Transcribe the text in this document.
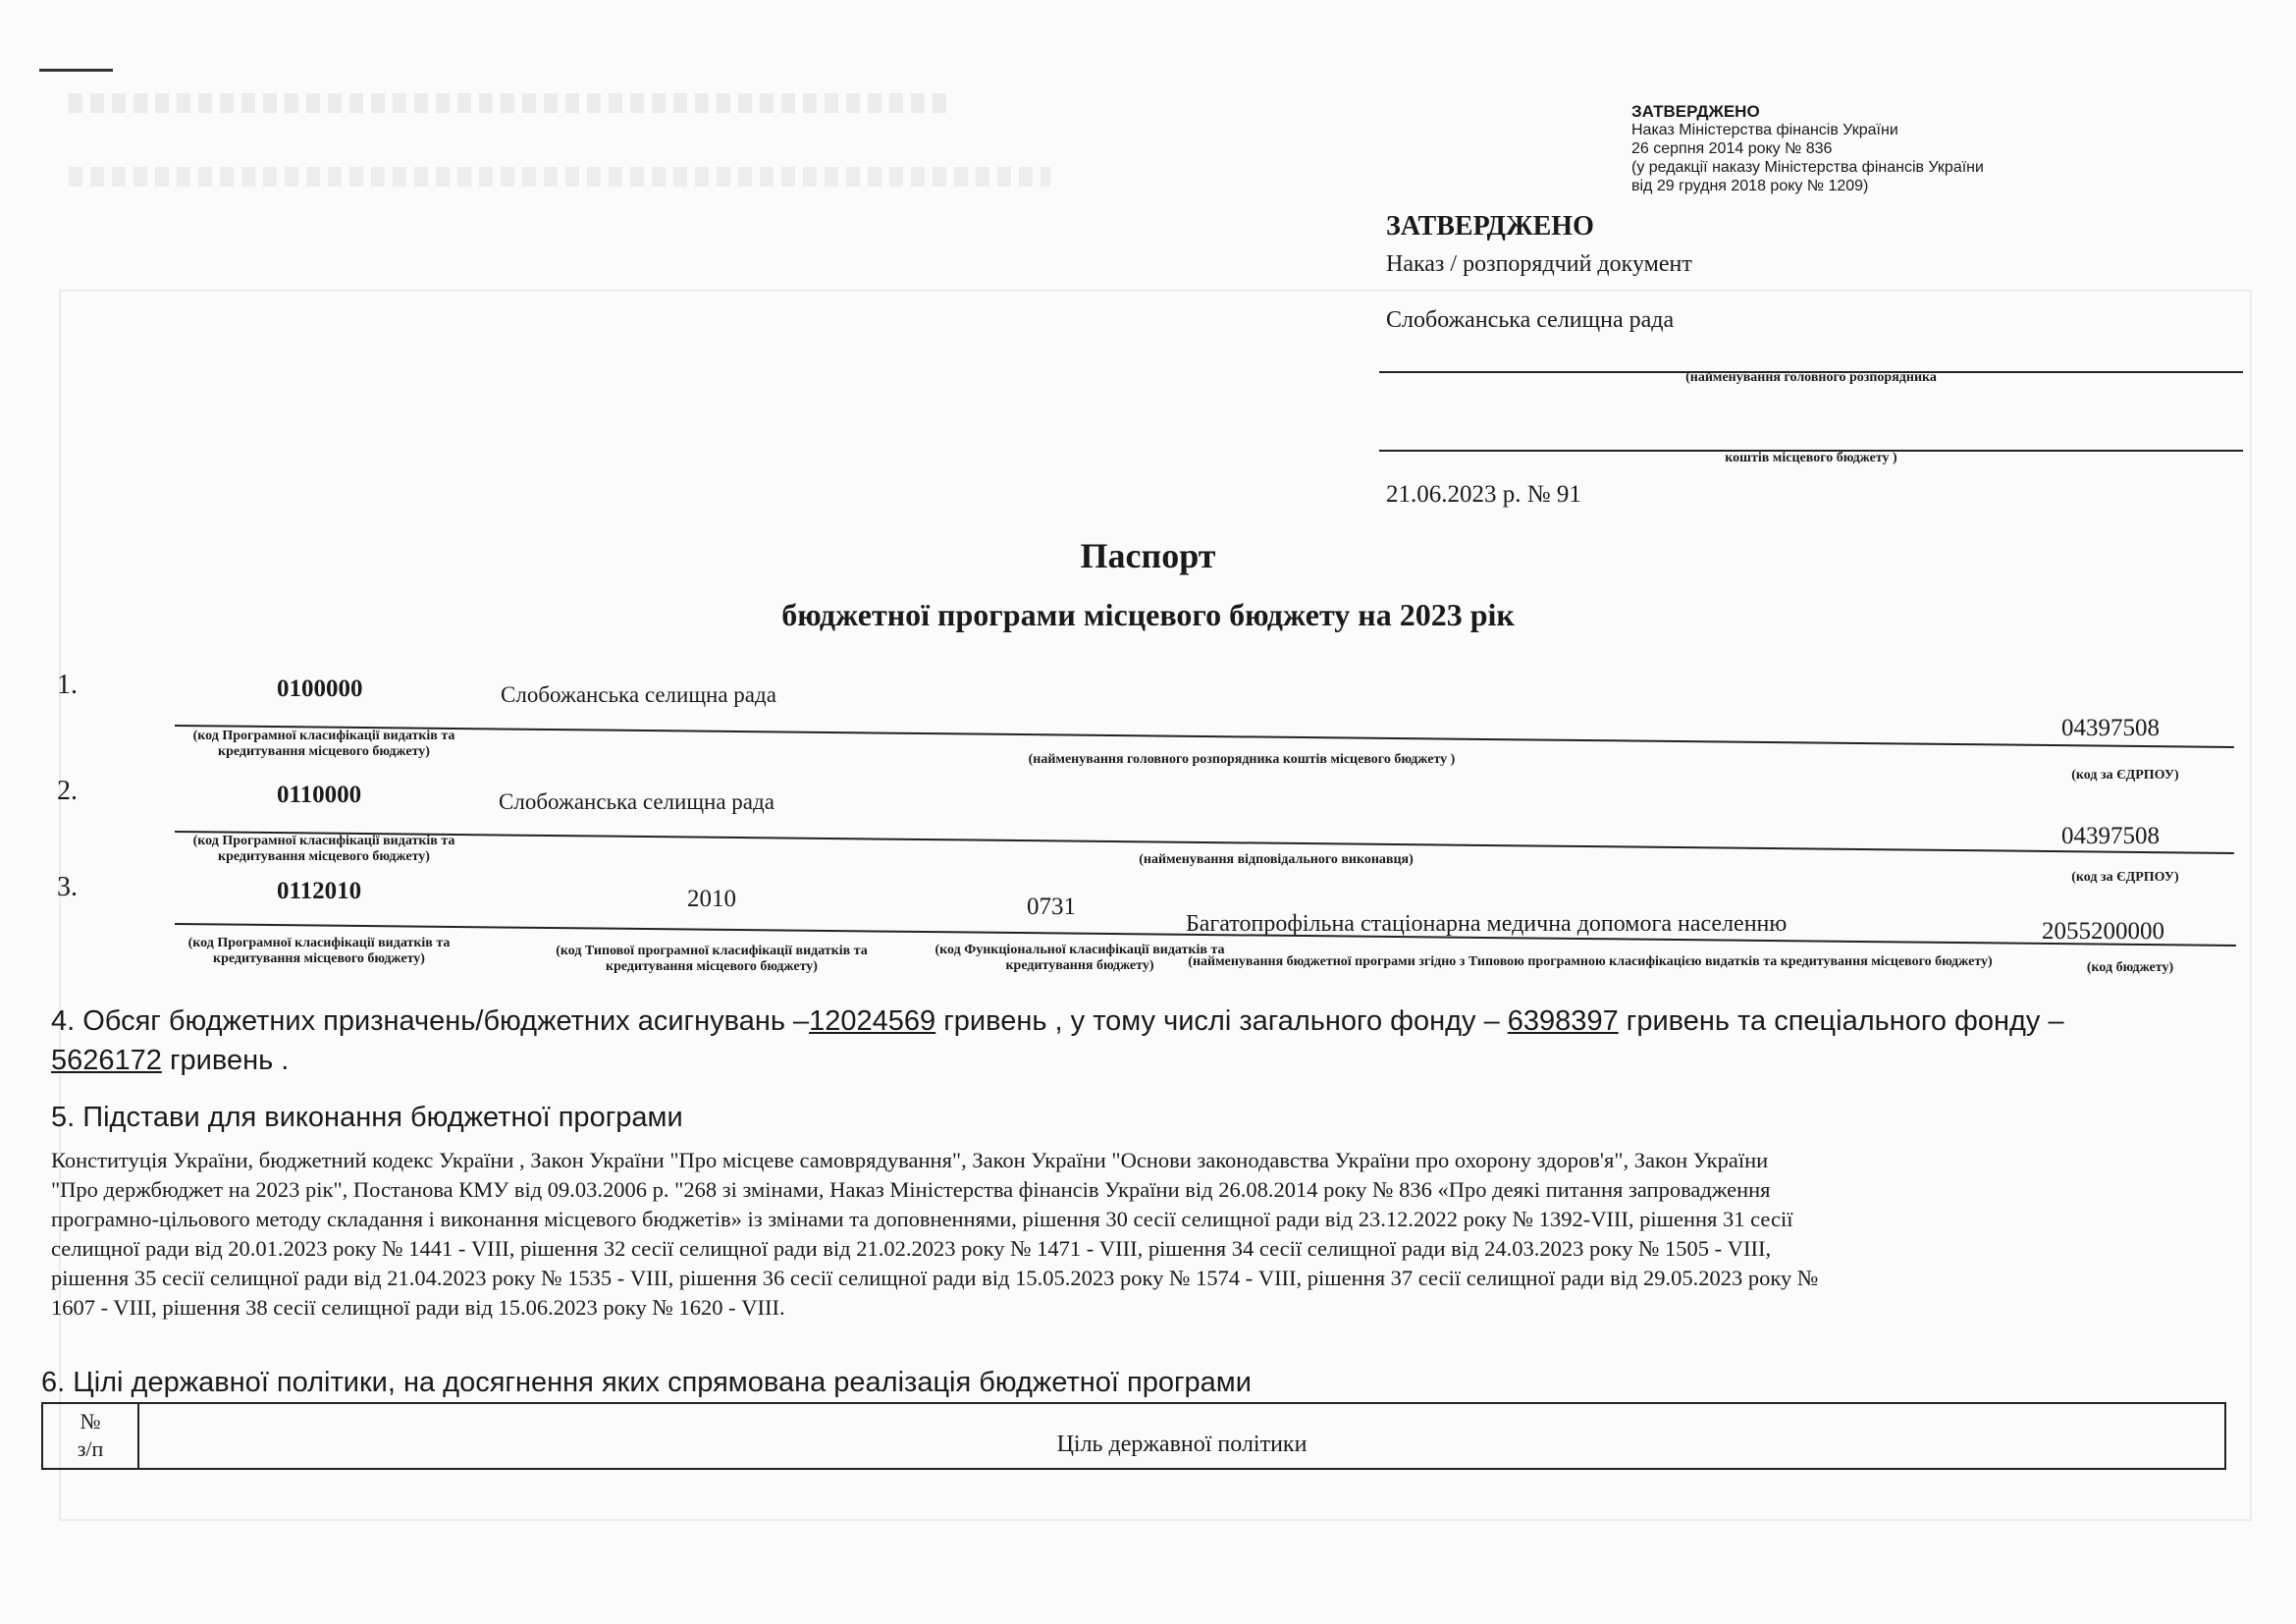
ЗАТВЕРДЖЕНО
Наказ Міністерства фінансів України
26 серпня 2014 року № 836
(у редакції наказу Міністерства фінансів України
від 29 грудня 2018 року № 1209)
ЗАТВЕРДЖЕНО
Наказ / розпорядчий документ
Слобожанська селищна рада
(найменування головного розпорядника
коштів місцевого бюджету )
21.06.2023 р. № 91
Паспорт
бюджетної програми місцевого бюджету на 2023 рік
1.	0100000	Слобожанська селищна рада
04397508
(код Програмної класифікації видатків та кредитування місцевого бюджету)
(найменування головного розпорядника коштів місцевого бюджету )
(код за ЄДРПОУ)
2.	0110000	Слобожанська селищна рада
04397508
(код Програмної класифікації видатків та кредитування місцевого бюджету)	(найменування відповідального виконавця)
(код за ЄДРПОУ)
3.	0112010	2010	0731
Багатопрофільна стаціонарна медична допомога населенню	2055200000
(код Програмної класифікації видатків та кредитування місцевого бюджету)
(код Типової програмної класифікації видатків та кредитування місцевого бюджету)
(код Функціональної класифікації видатків та кредитування бюджету)	(найменування бюджетної програми згідно з Типовою програмною класифікацією видатків та кредитування місцевого бюджету)	(код бюджету)
4. Обсяг бюджетних призначень/бюджетних асигнувань –12024569 гривень , у тому числі загального фонду – 6398397 гривень та спеціального фонду –
5626172 гривень .
5. Підстави для виконання бюджетної програми
Конституція України, бюджетний кодекс України , Закон України "Про місцеве самоврядування", Закон України "Основи законодавства України про охорону здоров'я", Закон України
"Про держбюджет на 2023 рік", Постанова КМУ від 09.03.2006 р. "268 зі змінами, Наказ Міністерства фінансів України від 26.08.2014 року № 836 «Про деякі питання запровадження
програмно-цільового методу складання і виконання місцевого бюджетів» із змінами та доповненнями, рішення 30 сесії селищної ради від 23.12.2022 року № 1392-VIII, рішення 31 сесії
селищної ради від 20.01.2023 року № 1441 - VIII, рішення 32 сесії селищної ради від 21.02.2023 року № 1471 - VIII, рішення 34 сесії селищної ради від 24.03.2023 року № 1505 - VIII,
рішення 35 сесії селищної ради від 21.04.2023 року № 1535 - VIII, рішення 36 сесії селищної ради від 15.05.2023 року № 1574 - VIII, рішення 37 сесії селищної ради від 29.05.2023 року №
1607 - VIII, рішення 38 сесії селищної ради від 15.06.2023 року № 1620 - VIII.
6. Цілі державної політики, на досягнення яких спрямована реалізація бюджетної програми
№
з/п	Ціль державної політики
